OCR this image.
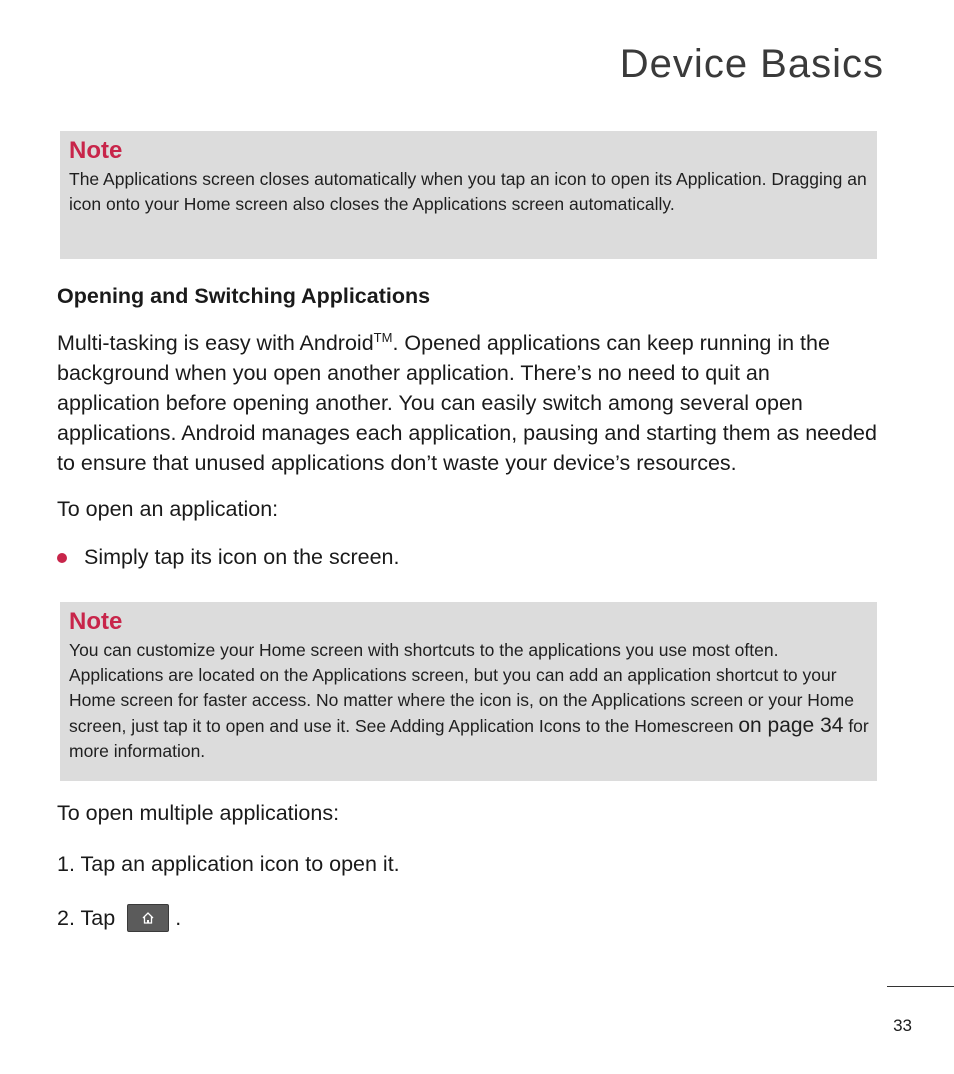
Device Basics
Note
The Applications screen closes automatically when you tap an icon to open its Application. Dragging an icon onto your Home screen also closes the Applications screen automatically.
Opening and Switching Applications

Multi-tasking is easy with Android™. Opened applications can keep running in the background when you open another application. There’s no need to quit an application before opening another. You can easily switch among several open applications. Android manages each application, pausing and starting them as needed to ensure that unused applications don’t waste your device’s resources.

To open an application:
Simply tap its icon on the screen.
Note
You can customize your Home screen with shortcuts to the applications you use most often. Applications are located on the Applications screen, but you can add an application shortcut to your Home screen for faster access. No matter where the icon is, on the Applications screen or your Home screen, just tap it to open and use it. See Adding Application Icons to the Homescreen on page 34 for more information.
To open multiple applications:
1. Tap an application icon to open it.
2. Tap	.
33
